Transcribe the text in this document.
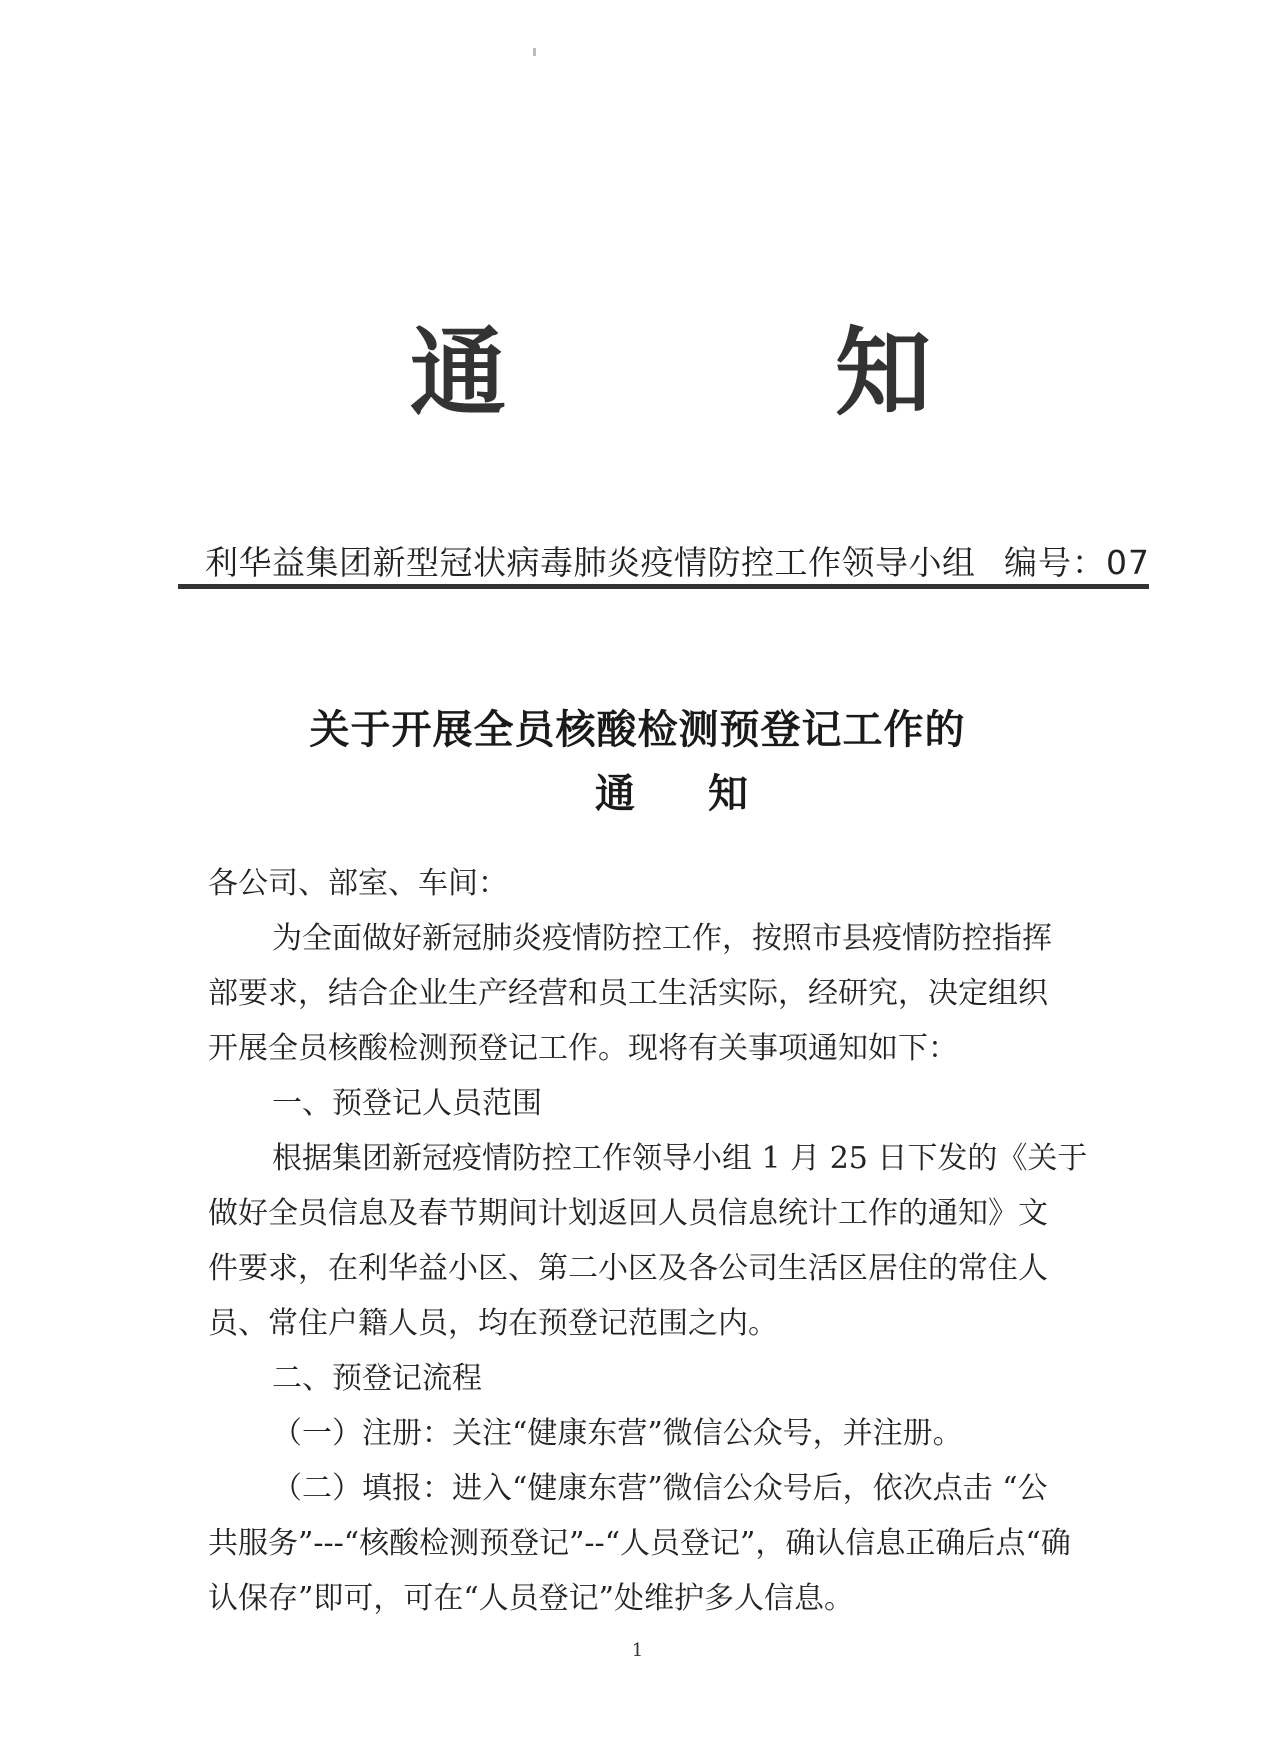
通	知
利华益集团新型冠状病毒肺炎疫情防控工作领导小组 编号：07
关于开展全员核酸检测预登记工作的
通 知
各公司、部室、车间：
为全面做好新冠肺炎疫情防控工作，按照市县疫情防控指挥
部要求，结合企业生产经营和员工生活实际，经研究，决定组织
开展全员核酸检测预登记工作。现将有关事项通知如下：
一、预登记人员范围
根据集团新冠疫情防控工作领导小组 1 月 25 日下发的《关于
做好全员信息及春节期间计划返回人员信息统计工作的通知》文
件要求，在利华益小区、第二小区及各公司生活区居住的常住人
员、常住户籍人员，均在预登记范围之内。
二、预登记流程
（一）注册：关注“健康东营”微信公众号，并注册。
（二）填报：进入“健康东营”微信公众号后，依次点击 “公
共服务”---“核酸检测预登记”--“人员登记”，确认信息正确后点“确
认保存”即可，可在“人员登记”处维护多人信息。
1
